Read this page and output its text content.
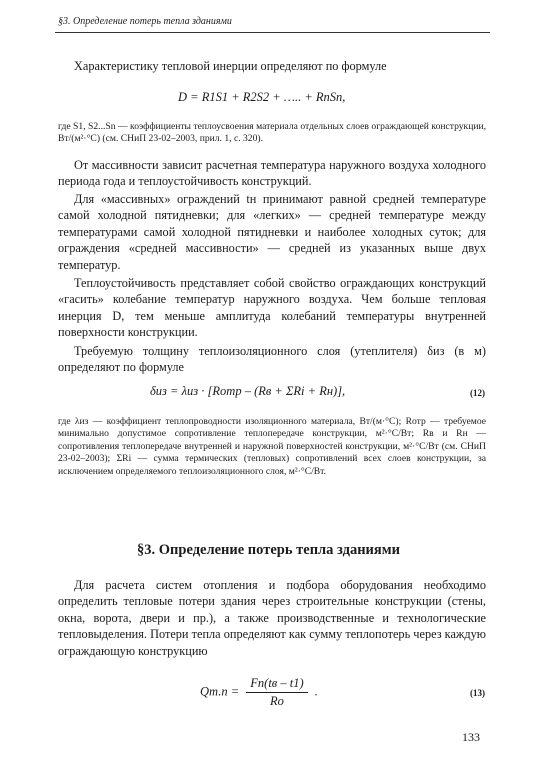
§3. Определение потерь тепла зданиями

Характеристику тепловой инерции определяют по формуле

D = R1S1 + R2S2 + ….. + RnSn,

где S1, S2...Sn — коэффициенты теплоусвоения материала отдельных слоев ограждающей конструкции, Вт/(м²·°С) (см. СНиП 23-02–2003, прил. 1, с. 320).

От массивности зависит расчетная температура наружного воздуха холодного периода года и теплоустойчивость конструкций.

Для «массивных» ограждений tн принимают равной средней температуре самой холодной пятидневки; для «легких» — средней температуре между температурами самой холодной пятидневки и наиболее холодных суток; для ограждения «средней массивности» — средней из указанных выше двух температур.

Теплоустойчивость представляет собой свойство ограждающих конструкций «гасить» колебание температур наружного воздуха. Чем больше тепловая инерция D, тем меньше амплитуда колебаний температуры внутренней поверхности конструкции.

Требуемую толщину теплоизоляционного слоя (утеплителя) δиз (в м) определяют по формуле

δиз = λиз · [Rотр – (Rв + ΣRi + Rн)],	(12)

где λиз — коэффициент теплопроводности изоляционного материала, Вт/(м·°С); Rотр — требуемое минимально допустимое сопротивление теплопередаче конструкции, м²·°С/Вт; Rв и Rн — сопротивления теплопередаче внутренней и наружной поверхностей конструкции, м²·°С/Вт (см. СНиП 23-02–2003); ΣRi — сумма термических (тепловых) сопротивлений всех слоев конструкции, за исключением определяемого теплоизоляционного слоя, м²·°С/Вт.

§3. Определение потерь тепла зданиями

Для расчета систем отопления и подбора оборудования необходимо определить тепловые потери здания через строительные конструкции (стены, окна, ворота, двери и пр.), а также производственные и технологические тепловыделения. Потери тепла определяют как сумму теплопотерь через каждую ограждающую конструкцию

$Qт.п = \frac{Fn(tв - t1)}{Rо}$ .	(13)
133
